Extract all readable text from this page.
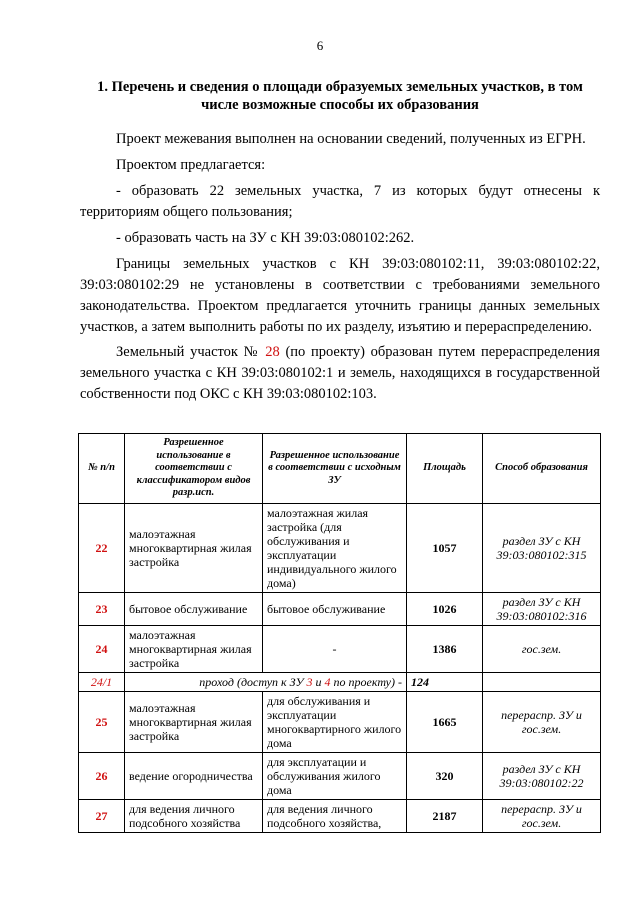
6
1. Перечень и сведения о площади образуемых земельных участков, в том
числе возможные способы их образования
Проект межевания выполнен на основании сведений, полученных из ЕГРН.
Проектом предлагается:
- образовать 22 земельных участка, 7 из которых будут отнесены к территориям общего пользования;
- образовать часть на ЗУ с КН 39:03:080102:262.
Границы земельных участков с КН 39:03:080102:11, 39:03:080102:22, 39:03:080102:29 не установлены в соответствии с требованиями земельного законодательства. Проектом предлагается уточнить границы данных земельных участков, а затем выполнить работы по их разделу, изъятию и перераспределению.
Земельный участок № 28 (по проекту) образован путем перераспределения земельного участка с КН 39:03:080102:1 и земель, находящихся в государственной собственности под ОКС с КН 39:03:080102:103.
№ п/п	Разрешенное использование в соответствии с классификатором видов разр.исп.	Разрешенное использование в соответствии с исходным ЗУ	Площадь	Способ образования
22	малоэтажная многоквартирная жилая застройка	малоэтажная жилая застройка (для обслуживания и эксплуатации индивидуального жилого дома)	1057	раздел ЗУ с КН 39:03:080102:315
23	бытовое обслуживание	бытовое обслуживание	1026	раздел ЗУ с КН 39:03:080102:316
24	малоэтажная многоквартирная жилая застройка	-	1386	гос.зем.
24/1	проход (доступ к ЗУ 3 и 4 по проекту) -		124	
25	малоэтажная многоквартирная жилая застройка	для обслуживания и эксплуатации многоквартирного жилого дома	1665	перераспр. ЗУ и гос.зем.
26	ведение огородничества	для эксплуатации и обслуживания жилого дома	320	раздел ЗУ с КН 39:03:080102:22
27	для ведения личного подсобного хозяйства	для ведения личного подсобного хозяйства,	2187	перераспр. ЗУ и гос.зем.
